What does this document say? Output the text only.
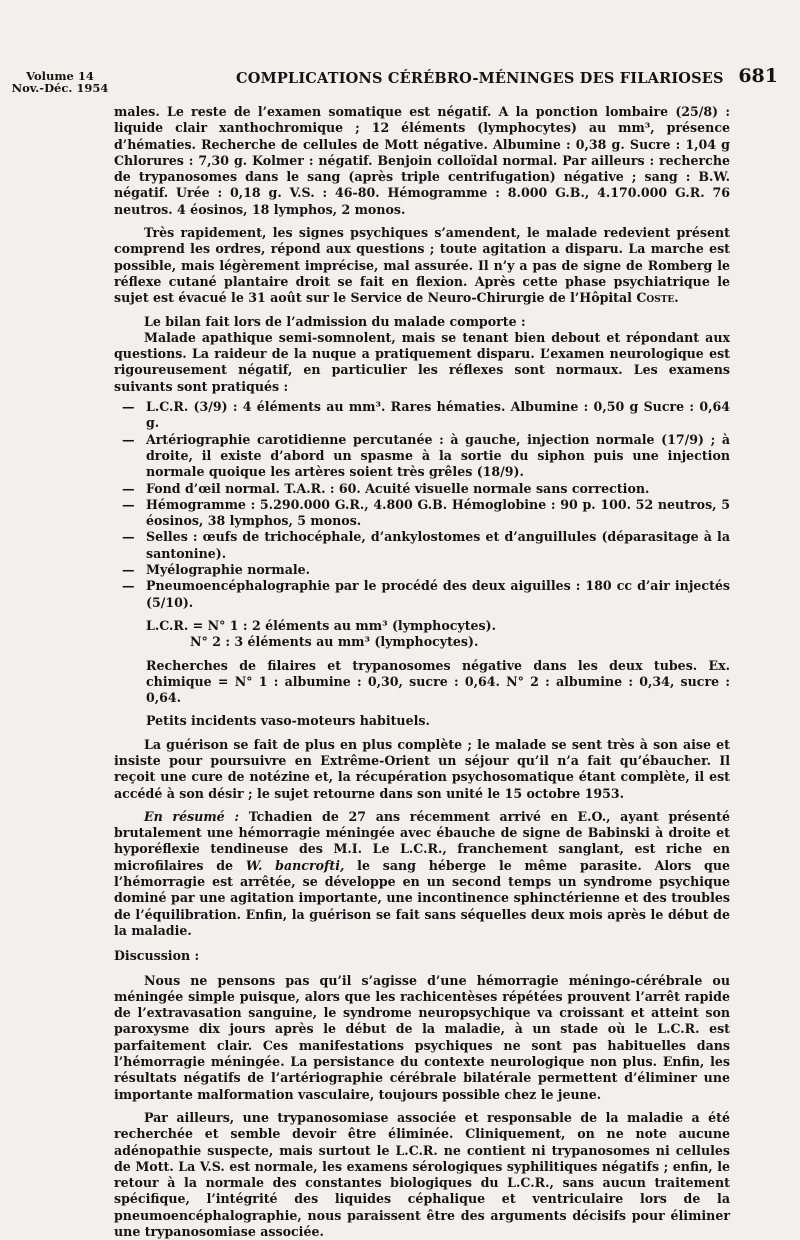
Volume 14
Nov.-Déc. 1954
COMPLICATIONS CÉRÉBRO-MÉNINGES DES FILARIOSES 681

males. Le reste de l’examen somatique est négatif. A la ponction lombaire (25/8) : liquide clair xanthochromique ; 12 éléments (lymphocytes) au mm³, présence d’hématies. Recherche de cellules de Mott négative. Albumine : 0,38 g. Sucre : 1,04 g Chlorures : 7,30 g. Kolmer : négatif. Benjoin colloïdal normal. Par ailleurs : recherche de trypanosomes dans le sang (après triple centrifugation) négative ; sang : B.W. négatif. Urée : 0,18 g. V.S. : 46-80. Hémogramme : 8.000 G.B., 4.170.000 G.R. 76 neutros. 4 éosinos, 18 lymphos, 2 monos.

Très rapidement, les signes psychiques s’amendent, le malade redevient présent comprend les ordres, répond aux questions ; toute agitation a disparu. La marche est possible, mais légèrement imprécise, mal assurée. Il n’y a pas de signe de Romberg le réflexe cutané plantaire droit se fait en flexion. Après cette phase psychiatrique le sujet est évacué le 31 août sur le Service de Neuro-Chirurgie de l’Hôpital Coste.

Le bilan fait lors de l’admission du malade comporte :

Malade apathique semi-somnolent, mais se tenant bien debout et répondant aux questions. La raideur de la nuque a pratiquement disparu. L’examen neurologique est rigoureusement négatif, en particulier les réflexes sont normaux. Les examens suivants sont pratiqués :

— L.C.R. (3/9) : 4 éléments au mm³. Rares hématies. Albumine : 0,50 g Sucre : 0,64 g.
— Artériographie carotidienne percutanée : à gauche, injection normale (17/9) ; à droite, il existe d’abord un spasme à la sortie du siphon puis une injection normale quoique les artères soient très grêles (18/9).
— Fond d’œil normal. T.A.R. : 60. Acuité visuelle normale sans correction.
— Hémogramme : 5.290.000 G.R., 4.800 G.B. Hémoglobine : 90 p. 100. 52 neutros, 5 éosinos, 38 lymphos, 5 monos.
— Selles : œufs de trichocéphale, d’ankylostomes et d’anguillules (déparasitage à la santonine).
— Myélographie normale.
— Pneumoencéphalographie par le procédé des deux aiguilles : 180 cc d’air injectés (5/10).

L.C.R. = N° 1 : 2 éléments au mm³ (lymphocytes).

N° 2 : 3 éléments au mm³ (lymphocytes).

Recherches de filaires et trypanosomes négative dans les deux tubes. Ex. chimique = N° 1 : albumine : 0,30, sucre : 0,64. N° 2 : albumine : 0,34, sucre : 0,64.

Petits incidents vaso-moteurs habituels.

La guérison se fait de plus en plus complète ; le malade se sent très à son aise et insiste pour poursuivre en Extrême-Orient un séjour qu’il n’a fait qu’ébaucher. Il reçoit une cure de notézine et, la récupération psychosomatique étant complète, il est accédé à son désir ; le sujet retourne dans son unité le 15 octobre 1953.

En résumé : Tchadien de 27 ans récemment arrivé en E.O., ayant présenté brutalement une hémorragie méningée avec ébauche de signe de Babinski à droite et hyporéflexie tendineuse des M.I. Le L.C.R., franchement sanglant, est riche en microfilaires de W. bancrofti, le sang héberge le même parasite. Alors que l’hémorragie est arrêtée, se développe en un second temps un syndrome psychique dominé par une agitation importante, une incontinence sphinctérienne et des troubles de l’équilibration. Enfin, la guérison se fait sans séquelles deux mois après le début de la maladie.

Discussion :

Nous ne pensons pas qu’il s’agisse d’une hémorragie méningo-cérébrale ou méningée simple puisque, alors que les rachicentèses répétées prouvent l’arrêt rapide de l’extravasation sanguine, le syndrome neuropsychique va croissant et atteint son paroxysme dix jours après le début de la maladie, à un stade où le L.C.R. est parfaitement clair. Ces manifestations psychiques ne sont pas habituelles dans l’hémorragie méningée. La persistance du contexte neurologique non plus. Enfin, les résultats négatifs de l’artériographie cérébrale bilatérale permettent d’éliminer une importante malformation vasculaire, toujours possible chez le jeune.

Par ailleurs, une trypanosomiase associée et responsable de la maladie a été recherchée et semble devoir être éliminée. Cliniquement, on ne note aucune adénopathie suspecte, mais surtout le L.C.R. ne contient ni trypanosomes ni cellules de Mott. La V.S. est normale, les examens sérologiques syphilitiques négatifs ; enfin, le retour à la normale des constantes biologiques du L.C.R., sans aucun traitement spécifique, l’intégrité des liquides céphalique et ventriculaire lors de la pneumoencéphalographie, nous paraissent être des arguments décisifs pour éliminer une trypanosomiase associée.
